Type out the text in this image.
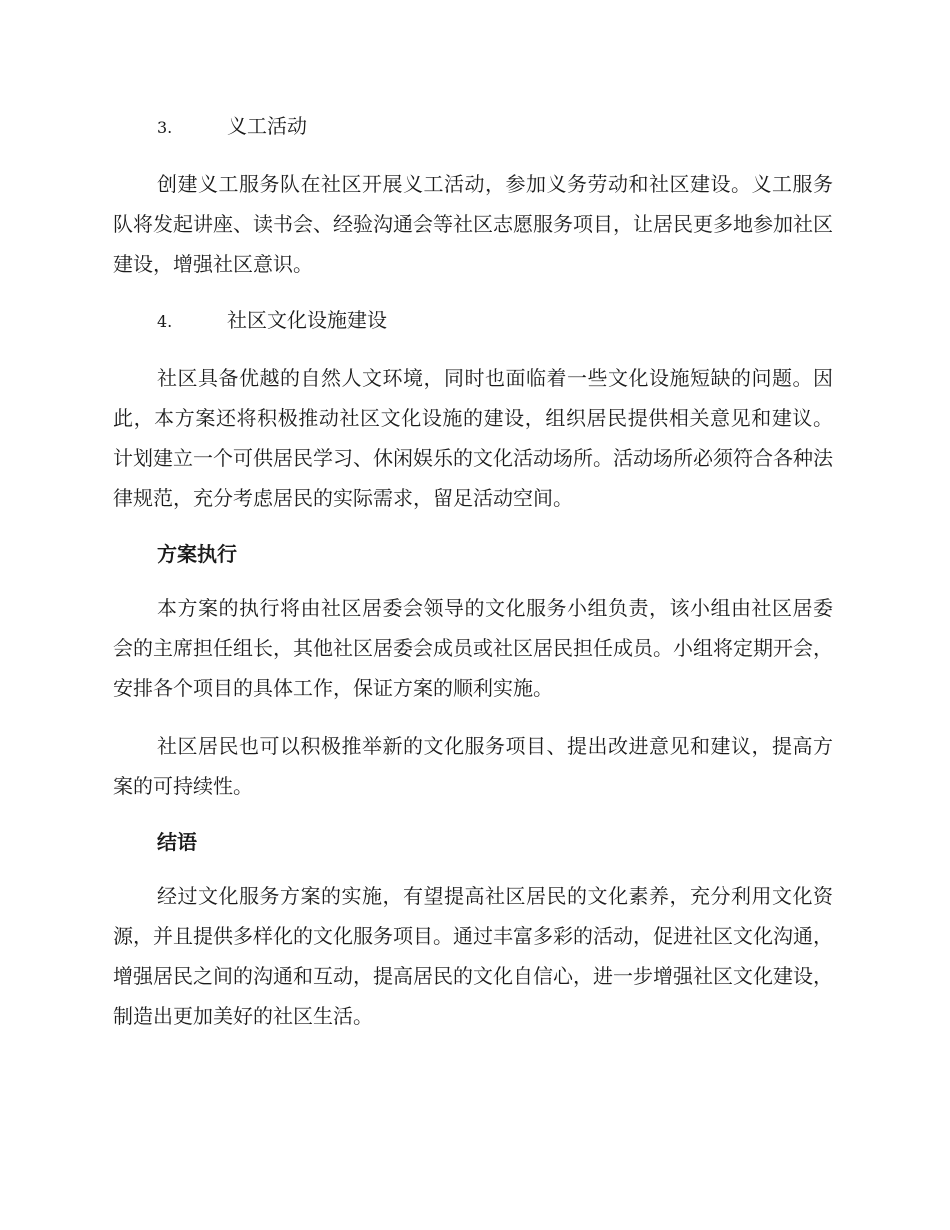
3.	义工活动

创建义工服务队在社区开展义工活动，参加义务劳动和社区建设。义工服务队将发起讲座、读书会、经验沟通会等社区志愿服务项目，让居民更多地参加社区建设，增强社区意识。

4.	社区文化设施建设

社区具备优越的自然人文环境，同时也面临着一些文化设施短缺的问题。因此，本方案还将积极推动社区文化设施的建设，组织居民提供相关意见和建议。 计划建立一个可供居民学习、休闲娱乐的文化活动场所。活动场所必须符合各种法律规范，充分考虑居民的实际需求，留足活动空间。

方案执行

本方案的执行将由社区居委会领导的文化服务小组负责，该小组由社区居委会的主席担任组长，其他社区居委会成员或社区居民担任成员。小组将定期开会，安排各个项目的具体工作，保证方案的顺利实施。

社区居民也可以积极推举新的文化服务项目、提出改进意见和建议，提高方案的可持续性。

结语

经过文化服务方案的实施，有望提高社区居民的文化素养，充分利用文化资源，并且提供多样化的文化服务项目。通过丰富多彩的活动，促进社区文化沟通，增强居民之间的沟通和互动，提高居民的文化自信心，进一步增强社区文化建设，制造出更加美好的社区生活。
